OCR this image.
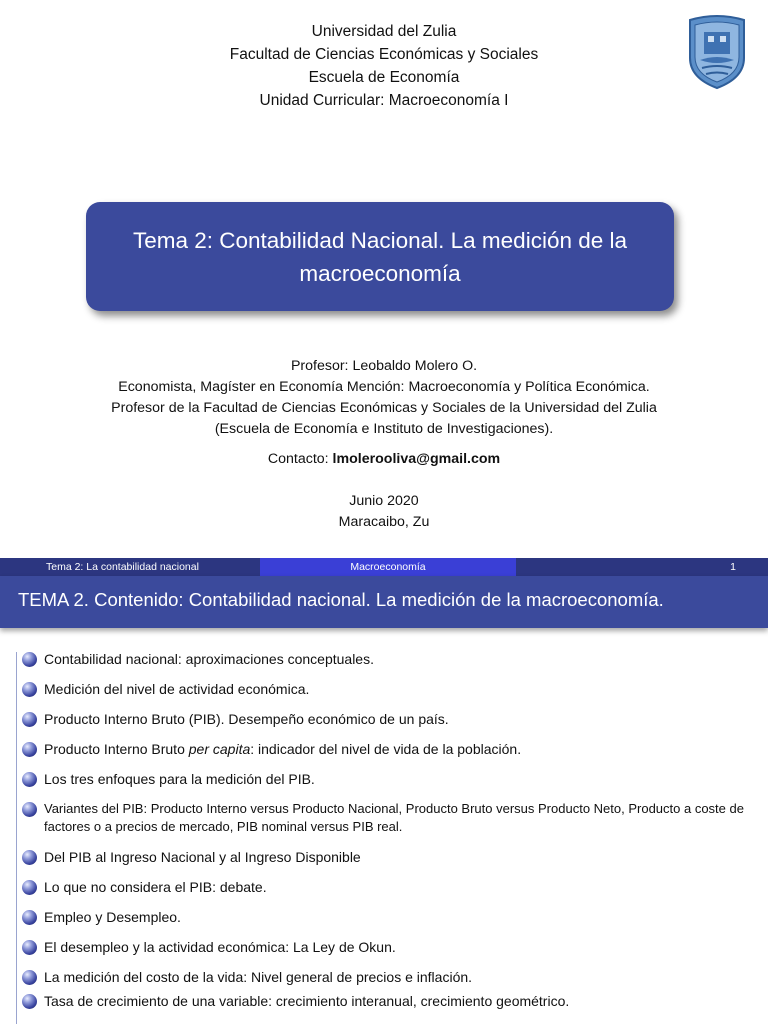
Universidad del Zulia
Facultad de Ciencias Económicas y Sociales
Escuela de Economía
Unidad Curricular: Macroeconomía I
Tema 2: Contabilidad Nacional. La medición de la macroeconomía
Profesor: Leobaldo Molero O.
Economista, Magíster en Economía Mención: Macroeconomía y Política Económica.
Profesor de la Facultad de Ciencias Económicas y Sociales de la Universidad del Zulia
(Escuela de Economía e Instituto de Investigaciones).
Contacto: lmolerooliva@gmail.com
Junio 2020
Maracaibo, Zu
Tema 2: La contabilidad nacional	Macroeconomía	1
TEMA 2. Contenido: Contabilidad nacional. La medición de la macroeconomía.
Contabilidad nacional: aproximaciones conceptuales.
Medición del nivel de actividad económica.
Producto Interno Bruto (PIB). Desempeño económico de un país.
Producto Interno Bruto per capita: indicador del nivel de vida de la población.
Los tres enfoques para la medición del PIB.
Variantes del PIB: Producto Interno versus Producto Nacional, Producto Bruto versus Producto Neto, Producto a coste de factores o a precios de mercado, PIB nominal versus PIB real.
Del PIB al Ingreso Nacional y al Ingreso Disponible
Lo que no considera el PIB: debate.
Empleo y Desempleo.
El desempleo y la actividad económica: La Ley de Okun.
La medición del costo de la vida: Nivel general de precios e inflación.
Tasa de crecimiento de una variable: crecimiento interanual, crecimiento geométrico.
